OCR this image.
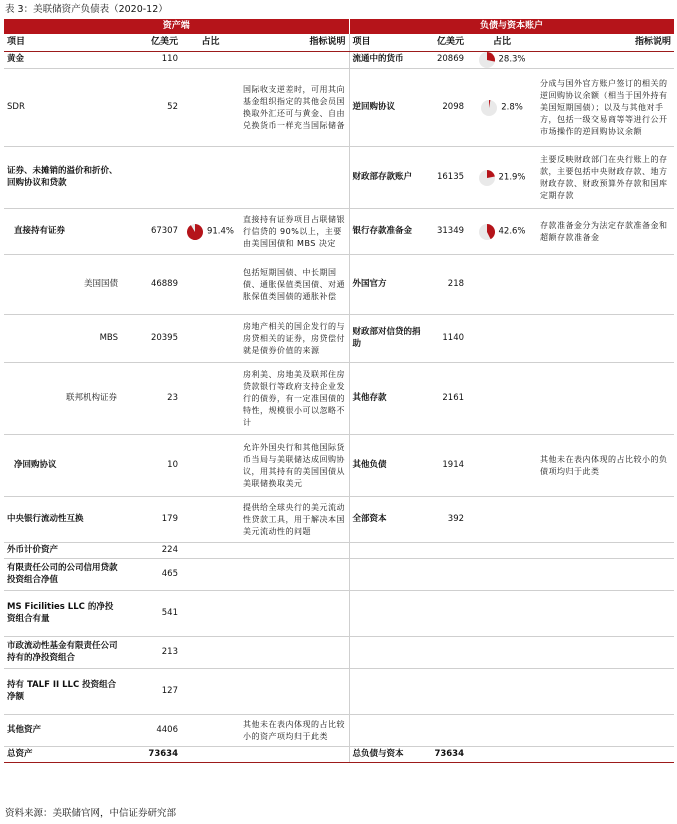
表 3：美联储资产负债表（2020-12）
资产端				负债与资本账户			
项目	亿美元	占比	指标说明	项目	亿美元	占比	指标说明
黄金	110			流通中的货币	20869	28.3%	
SDR	52		国际收支逆差时，可用其向基金组织指定的其他会员国换取外汇还可与黄金、自由兑换货币一样充当国际储备	逆回购协议	2098	2.8%	分成与国外官方账户签订的相关的逆回购协议余额（相当于国外持有美国短期国债）；以及与其他对手方，包括一级交易商等等进行公开市场操作的逆回购协议余额
证券、未摊销的溢价和折价、回购协议和贷款				财政部存款账户	16135	21.9%	主要反映财政部门在央行账上的存款，主要包括中央财政存款、地方财政存款、财政预算外存款和国库定期存款
直接持有证券	67307	91.4%	直接持有证券项目占联储银行信贷的 90%以上，主要由美国国债和 MBS 决定	银行存款准备金	31349	42.6%	存款准备金分为法定存款准备金和超额存款准备金
美国国债	46889		包括短期国债、中长期国债、通胀保值类国债、对通胀保值类国债的通胀补偿	外国官方	218		
MBS	20395		房地产相关的国企发行的与房贷相关的证券，房贷偿付就是债券价值的来源	财政部对信贷的捐助	1140		
联邦机构证券	23		房利美、房地美及联邦住房贷款银行等政府支持企业发行的债券，有一定准国债的特性，规模很小可以忽略不计	其他存款	2161		
净回购协议	10		允许外国央行和其他国际货币当局与美联储达成回购协议，用其持有的美国国债从美联储换取美元	其他负债	1914		其他未在表内体现的占比较小的负债项均归于此类
中央银行流动性互换	179		提供给全球央行的美元流动性贷款工具，用于解决本国美元流动性的问题	全部资本	392		
外币计价资产	224						
有限责任公司的公司信用贷款投资组合净值	465						
MS Ficilities LLC 的净投资组合有量	541						
市政流动性基金有限责任公司持有的净投资组合	213						
持有 TALF II LLC 投资组合净额	127						
其他资产	4406		其他未在表内体现的占比较小的资产项均归于此类				
总资产	73634			总负债与资本	73634		
资料来源：美联储官网，中信证券研究部
